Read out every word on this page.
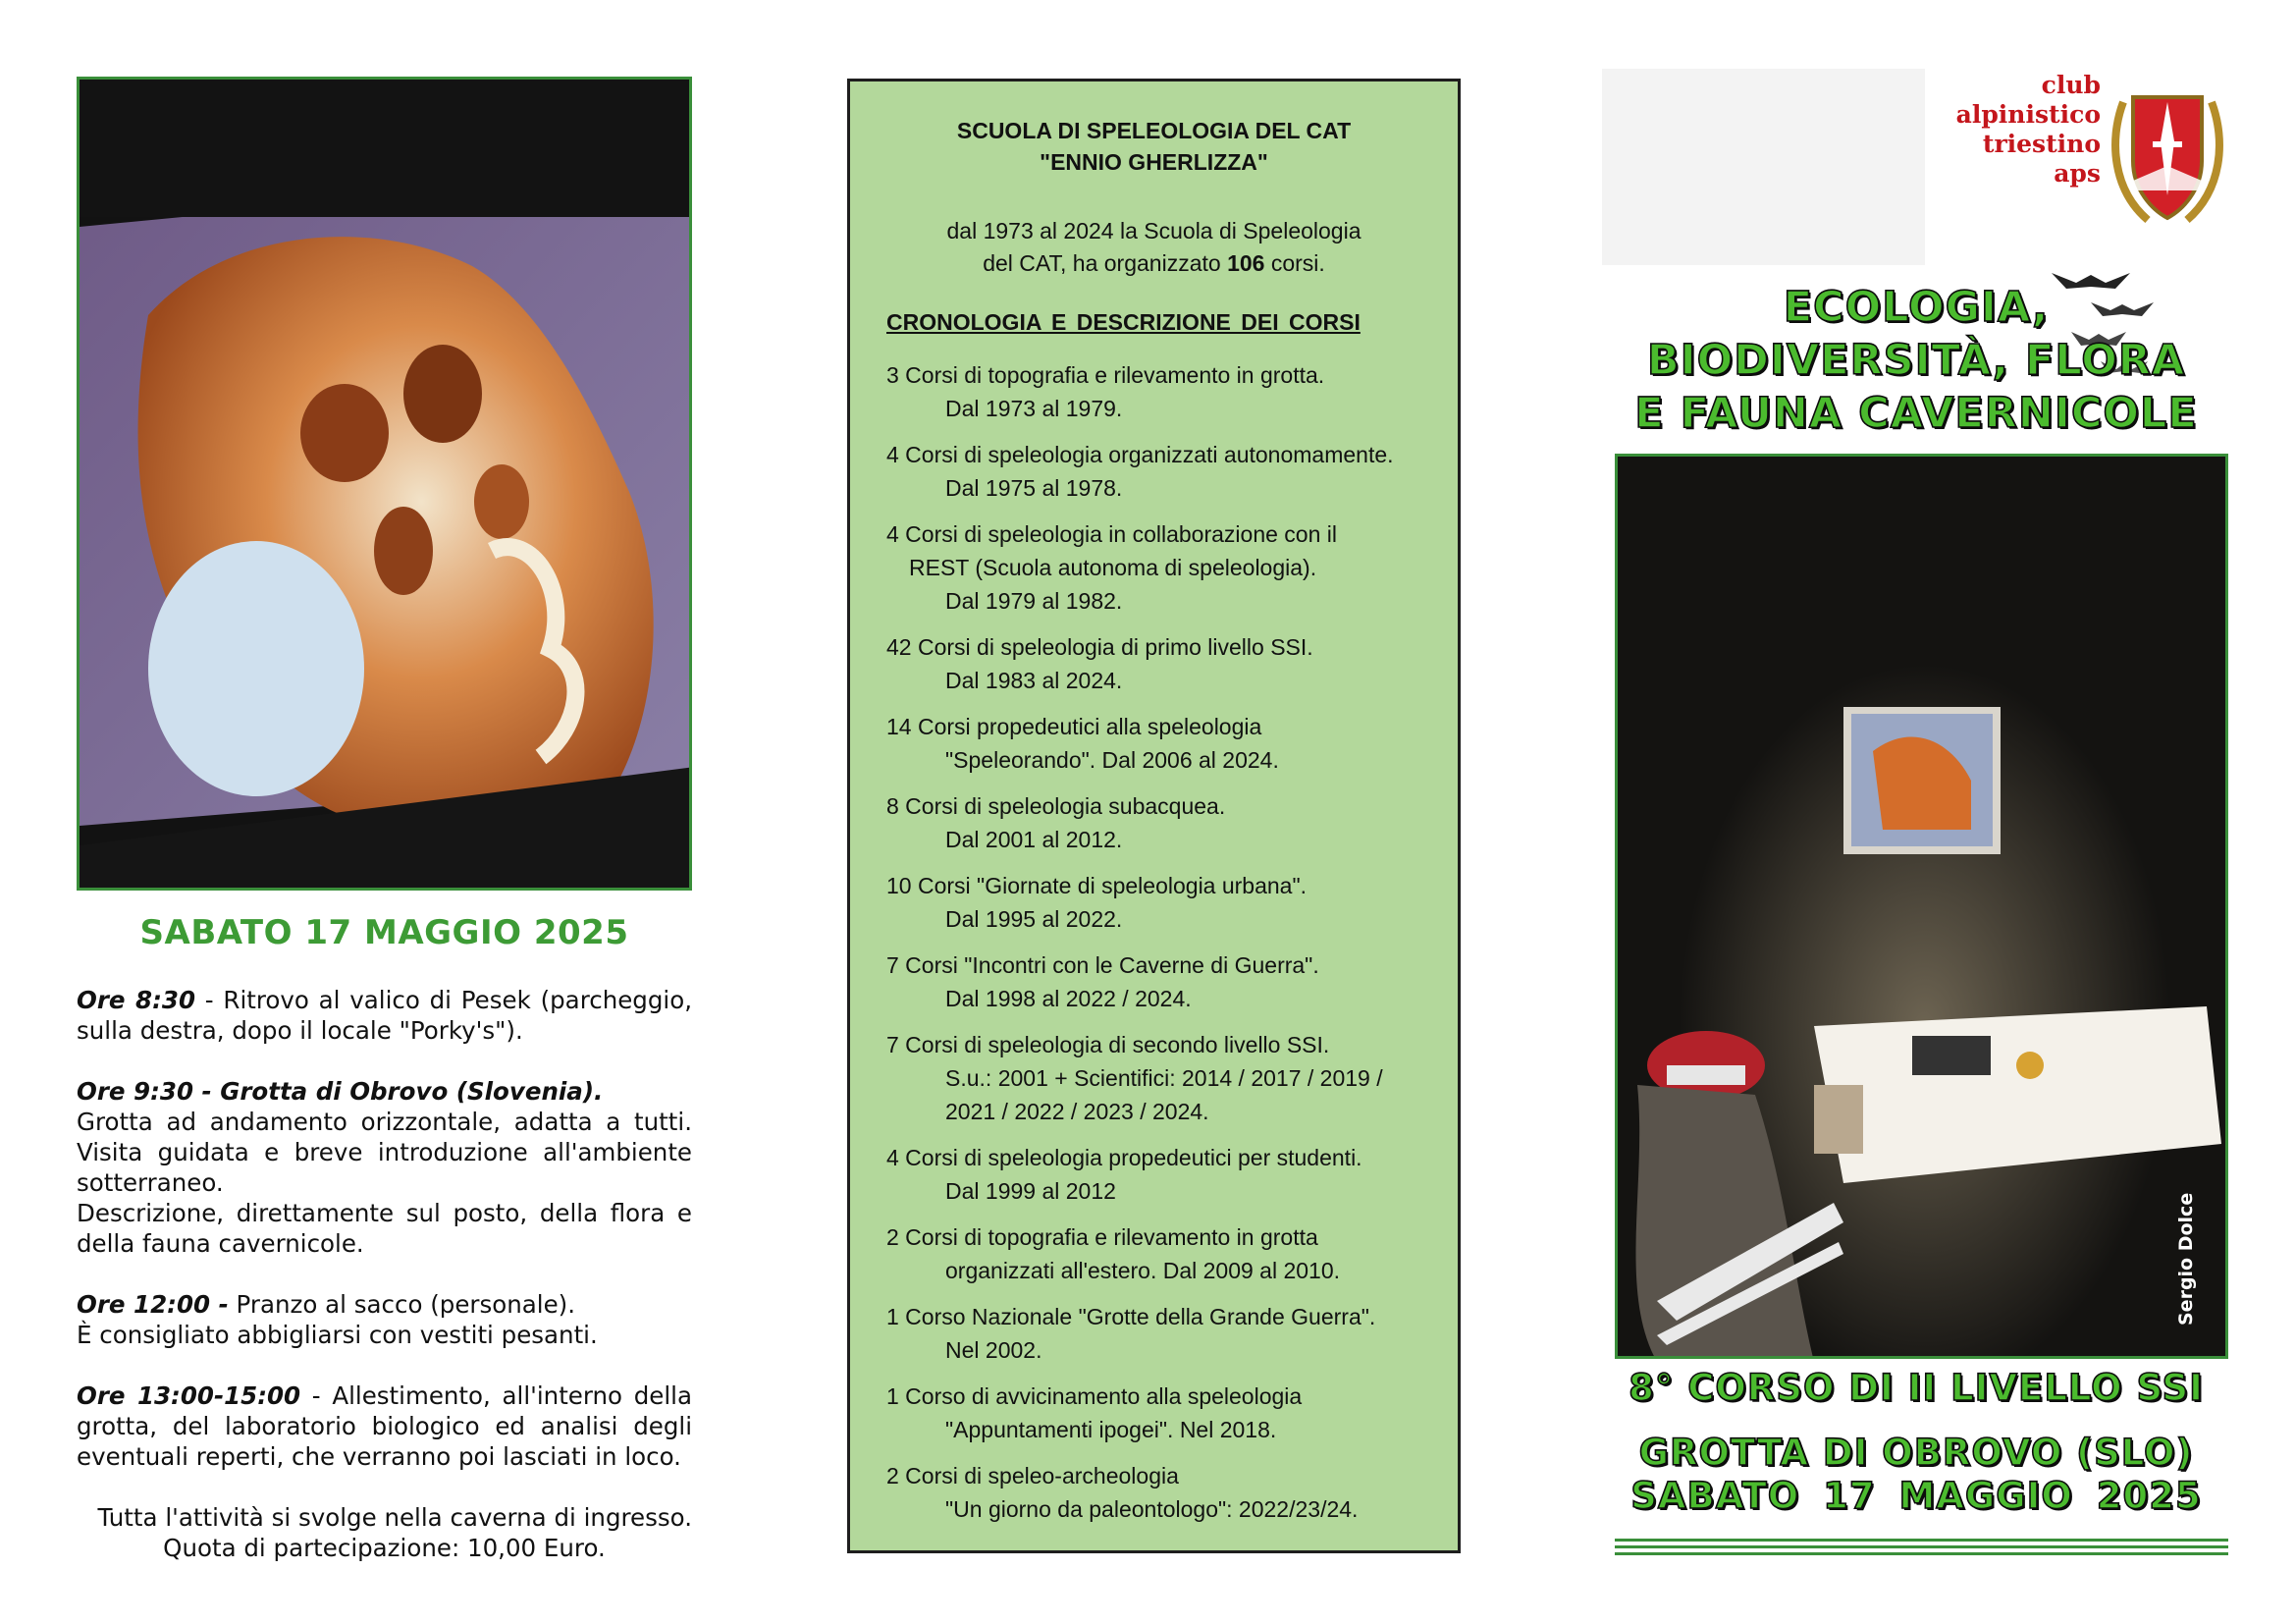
SABATO 17 MAGGIO 2025
Ore 8:30 - Ritrovo al valico di Pesek (parcheggio, sulla destra, dopo il locale "Porky's").
Ore 9:30 - Grotta di Obrovo (Slovenia).
Grotta ad andamento orizzontale, adatta a tutti. Visita guidata e breve introduzione all'ambiente sotterraneo.
Descrizione, direttamente sul posto, della flora e della fauna cavernicole.
Ore 12:00 - Pranzo al sacco (personale).
È consigliato abbigliarsi con vestiti pesanti.
Ore 13:00-15:00 - Allestimento, all'interno della grotta, del laboratorio biologico ed analisi degli eventuali reperti, che verranno poi lasciati in loco.
Tutta l'attività si svolge nella caverna di ingresso.
Quota di partecipazione: 10,00 Euro.
SCUOLA DI SPELEOLOGIA DEL CAT
"ENNIO GHERLIZZA"
dal 1973 al 2024 la Scuola di Speleologia
del CAT, ha organizzato 106 corsi.
CRONOLOGIA E DESCRIZIONE DEI CORSI
3 Corsi di topografia e rilevamento in grotta.
Dal 1973 al 1979.
4 Corsi di speleologia organizzati autonomamente.
Dal 1975 al 1978.
4 Corsi di speleologia in collaborazione con il
REST (Scuola autonoma di speleologia).
Dal 1979 al 1982.
42 Corsi di speleologia di primo livello SSI.
Dal 1983 al 2024.
14 Corsi propedeutici alla speleologia
"Speleorando". Dal 2006 al 2024.
8 Corsi di speleologia subacquea.
Dal 2001 al 2012.
10 Corsi "Giornate di speleologia urbana".
Dal 1995 al 2022.
7 Corsi "Incontri con le Caverne di Guerra".
Dal 1998 al 2022 / 2024.
7 Corsi di speleologia di secondo livello SSI.
S.u.: 2001 + Scientifici: 2014 / 2017 / 2019 /
2021 / 2022 / 2023 / 2024.
4 Corsi di speleologia propedeutici per studenti.
Dal 1999 al 2012
2 Corsi di topografia e rilevamento in grotta
organizzati all'estero. Dal 2009 al 2010.
1 Corso Nazionale "Grotte della Grande Guerra".
Nel 2002.
1 Corso di avvicinamento alla speleologia
"Appuntamenti ipogei". Nel 2018.
2 Corsi di speleo-archeologia
"Un giorno da paleontologo": 2022/23/24.
club
alpinistico
triestino
aps
ECOLOGIA,
BIODIVERSITÀ, FLORA
E FAUNA CAVERNICOLE
Sergio Dolce
8° CORSO DI II LIVELLO SSI
GROTTA DI OBROVO (SLO)
SABATO 17 MAGGIO 2025
